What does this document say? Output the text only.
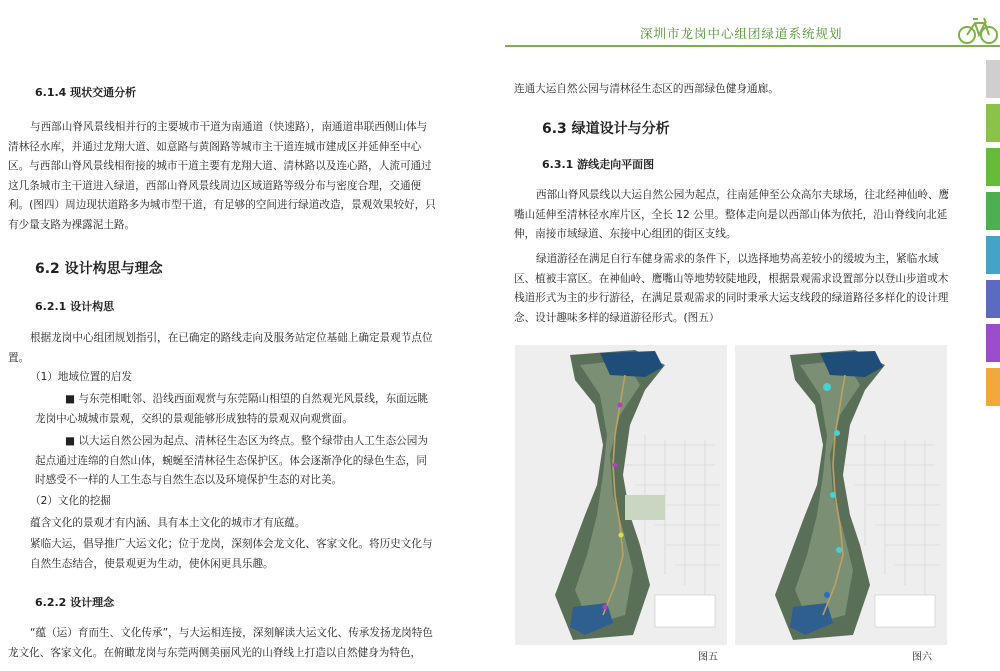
深圳市龙岗中心组团绿道系统规划
6.1.4 现状交通分析

与西部山脊风景线相并行的主要城市干道为南通道（快速路），南通道串联西侧山体与清林径水库，并通过龙翔大道、如意路与黄阁路等城市主干道连城市建成区并延伸至中心区。与西部山脊风景线相衔接的城市干道主要有龙翔大道、清林路以及连心路，人流可通过这几条城市主干道进入绿道，西部山脊风景线周边区域道路等级分布与密度合理，交通便利。(图四）周边现状道路多为城市型干道，有足够的空间进行绿道改造，景观效果较好，只有少量支路为裸露泥土路。

6.2 设计构思与理念
6.2.1 设计构思

根据龙岗中心组团规划指引，在已确定的路线走向及服务站定位基础上确定景观节点位置。

（1）地域位置的启发

■ 与东莞相毗邻、沿线西面观赏与东莞隔山相望的自然观光风景线，东面远眺龙岗中心城城市景观，交织的景观能够形成独特的景观双向观赏面。

■ 以大运自然公园为起点、清林径生态区为终点。整个绿带由人工生态公园为起点通过连绵的自然山体，蜿蜒至清林径生态保护区。体会逐渐净化的绿色生态，同时感受不一样的人工生态与自然生态以及环境保护生态的对比美。

（2）文化的挖掘
蕴含文化的景观才有内涵、具有本土文化的城市才有底蕴。

紧临大运，倡导推广大运文化；位于龙岗，深刻体会龙文化、客家文化。将历史文化与自然生态结合，使景观更为生动，使休闲更具乐趣。

6.2.2 设计理念

“蕴（运）育而生、文化传承”，与大运相连接，深刻解读大运文化、传承发扬龙岗特色龙文化、客家文化。在俯瞰龙岗与东莞两侧美丽风光的山脊线上打造以自然健身为特色，

连通大运自然公园与清林径生态区的西部绿色健身通廊。
6.3 绿道设计与分析
6.3.1 游线走向平面图

西部山脊风景线以大运自然公园为起点，往南延伸至公众高尔夫球场，往北经神仙岭、鹰嘴山延伸至清林径水库片区，全长 12 公里。整体走向是以西部山体为依托，沿山脊线向北延伸，南接市域绿道、东接中心组团的街区支线。

绿道游径在满足自行车健身需求的条件下，以选择地势高差较小的缓坡为主，紧临水域区、植被丰富区。在神仙岭、鹰嘴山等地势较陡地段，根据景观需求设置部分以登山步道或木栈道形式为主的步行游径，在满足景观需求的同时秉承大运支线段的绿道路径多样化的设计理念、设计趣味多样的绿道游径形式。(图五）

图五	图六
